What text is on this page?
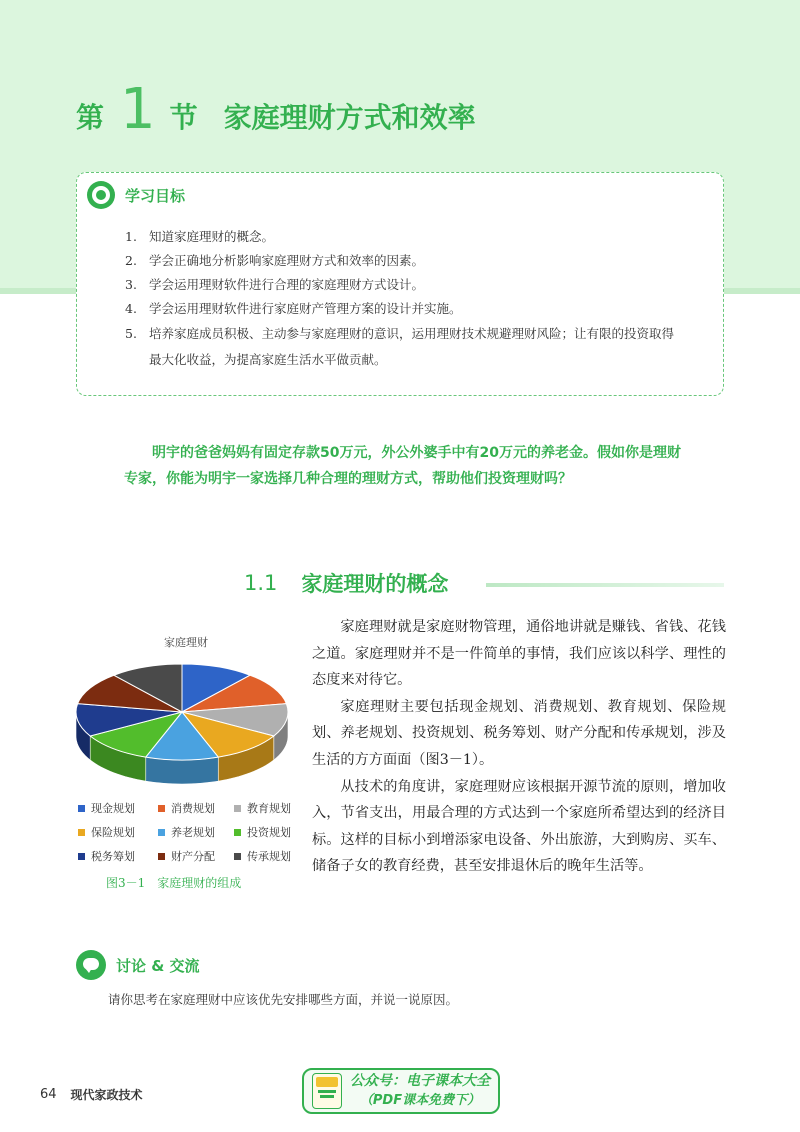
第 1 节 家庭理财方式和效率
学习目标
1. 知道家庭理财的概念。
2. 学会正确地分析影响家庭理财方式和效率的因素。
3. 学会运用理财软件进行合理的家庭理财方式设计。
4. 学会运用理财软件进行家庭财产管理方案的设计并实施。
5. 培养家庭成员积极、主动参与家庭理财的意识，运用理财技术规避理财风险；让有限的投资取得最大化收益，为提高家庭生活水平做贡献。

明宇的爸爸妈妈有固定存款50万元，外公外婆手中有20万元的养老金。假如你是理财专家，你能为明宇一家选择几种合理的理财方式，帮助他们投资理财吗？

1.1 家庭理财的概念
家庭理财
现金规划	消费规划	教育规划
保险规划	养老规划	投资规划
税务筹划	财产分配	传承规划
图3－1　家庭理财的组成

家庭理财就是家庭财物管理，通俗地讲就是赚钱、省钱、花钱之道。家庭理财并不是一件简单的事情，我们应该以科学、理性的态度来对待它。

家庭理财主要包括现金规划、消费规划、教育规划、保险规划、养老规划、投资规划、税务筹划、财产分配和传承规划，涉及生活的方方面面（图3－1）。

从技术的角度讲，家庭理财应该根据开源节流的原则，增加收入，节省支出，用最合理的方式达到一个家庭所希望达到的经济目标。这样的目标小到增添家电设备、外出旅游，大到购房、买车、储备子女的教育经费，甚至安排退休后的晚年生活等。

讨论 & 交流
请你思考在家庭理财中应该优先安排哪些方面，并说一说原因。
64 现代家政技术
公众号：电子课本大全
（PDF课本免费下）
